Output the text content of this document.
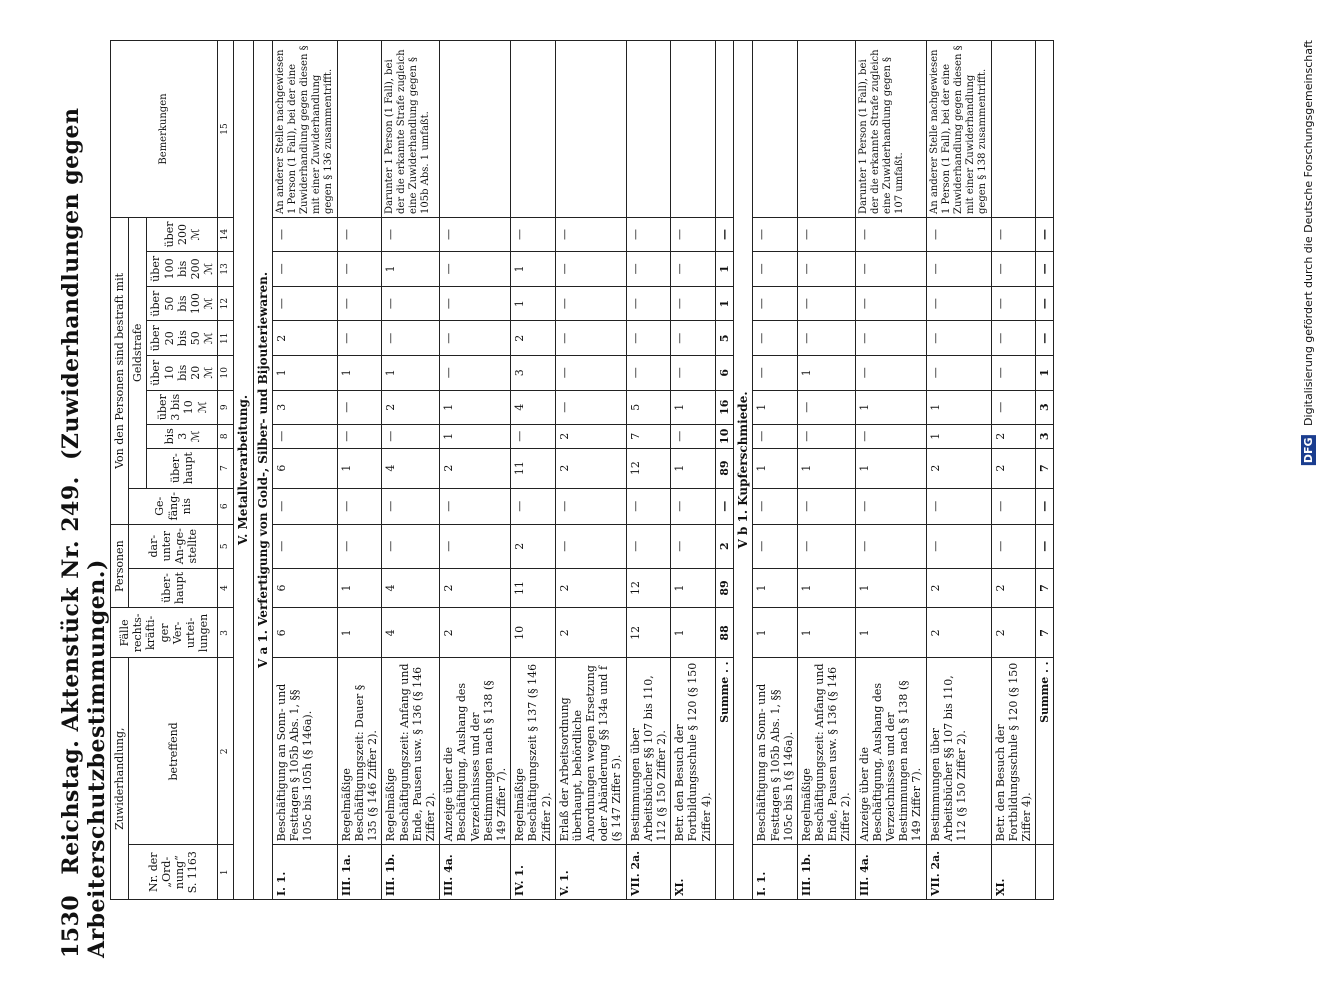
1530 Reichstag. Aktenstück Nr. 249. (Zuwiderhandlungen gegen Arbeiterschutzbestimmungen.) Zuwiderhandlung,		Fälle rechts-kräfti-ger Ver-urtei-lungen	Personen		Von den Personen sind bestraft mit									Bemerkungen
Nr. der „Ord-nung“ S. 1163	betreffend		über-haupt	dar-unter An-ge-stellte	Ge-fäng-nis	Geldstrafe								
						über-haupt	bis 3 ℳ	über 3 bis 10 ℳ	über 10 bis 20 ℳ	über 20 bis 50 ℳ	über 50 bis 100 ℳ	über 100 bis 200 ℳ	über 200 ℳ	
1	2	3	4	5	6	7	8	9	10	11	12	13	14	15
V. Metallverarbeitung.														
V a 1. Verfertigung von Gold-, Silber- und Bijouteriewaren.														
I. 1.	Beschäftigung an Sonn- und Festtagen § 105b Abs. 1, §§ 105c bis 105h (§ 146a).	6	6	—	—	6	—	3	1	2	—	—	—	An anderer Stelle nachgewiesen 1 Person (1 Fall), bei der eine Zuwiderhandlung gegen diesen § mit einer Zuwiderhandlung gegen § 136 zusammentrifft.
III. 1a.	Regelmäßige Beschäftigungszeit: Dauer § 135 (§ 146 Ziffer 2).	1	1	—	—	1	—	—	1	—	—	—	—	
III. 1b.	Regelmäßige Beschäftigungszeit: Anfang und Ende, Pausen usw. § 136 (§ 146 Ziffer 2).	4	4	—	—	4	—	2	1	—	—	1	—	Darunter 1 Person (1 Fall), bei der die erkannte Strafe zugleich eine Zuwiderhandlung gegen § 105b Abs. 1 umfaßt.
III. 4a.	Anzeige über die Beschäftigung, Aushang des Verzeichnisses und der Bestimmungen nach § 138 (§ 149 Ziffer 7).	2	2	—	—	2	1	1	—	—	—	—	—	
IV. 1.	Regelmäßige Beschäftigungszeit § 137 (§ 146 Ziffer 2).	10	11	2	—	11	—	4	3	2	1	1	—	
V. 1.	Erlaß der Arbeitsordnung überhaupt, behördliche Anordnungen wegen Ersetzung oder Abänderung §§ 134a und f (§ 147 Ziffer 5).	2	2	—	—	2	2	—	—	—	—	—	—	
VII. 2a.	Bestimmungen über Arbeitsbücher §§ 107 bis 110, 112 (§ 150 Ziffer 2).	12	12	—	—	12	7	5	—	—	—	—	—	
XI.	Betr. den Besuch der Fortbildungsschule § 120 (§ 150 Ziffer 4).	1	1	—	—	1	—	1	—	—	—	—	—	
	Summe . .	88	89	2	—	89	10	16	6	5	1	1	—	
V b 1. Kupferschmiede.														
I. 1.	Beschäftigung an Sonn- und Festtagen § 105b Abs. 1, §§ 105c bis h (§ 146a).	1	1	—	—	1	—	1	—	—	—	—	—	
III. 1b.	Regelmäßige Beschäftigungszeit: Anfang und Ende, Pausen usw. § 136 (§ 146 Ziffer 2).	1	1	—	—	1	—	—	1	—	—	—	—	
III. 4a.	Anzeige über die Beschäftigung, Aushang des Verzeichnisses und der Bestimmungen nach § 138 (§ 149 Ziffer 7).	1	1	—	—	1	—	1	—	—	—	—	—	Darunter 1 Person (1 Fall), bei der die erkannte Strafe zugleich eine Zuwiderhandlung gegen § 107 umfaßt.
VII. 2a.	Bestimmungen über Arbeitsbücher §§ 107 bis 110, 112 (§ 150 Ziffer 2).	2	2	—	—	2	1	1	—	—	—	—	—	An anderer Stelle nachgewiesen 1 Person (1 Fall), bei der eine Zuwiderhandlung gegen diesen § mit einer Zuwiderhandlung gegen § 138 zusammentrifft.
XI.	Betr. den Besuch der Fortbildungsschule § 120 (§ 150 Ziffer 4).	2	2	—	—	2	2	—	—	—	—	—	—	
	Summe . .	7	7	—	—	7	3	3	1	—	—	—	—	
DFG Digitalisierung gefördert durch die Deutsche Forschungsgemeinschaft
